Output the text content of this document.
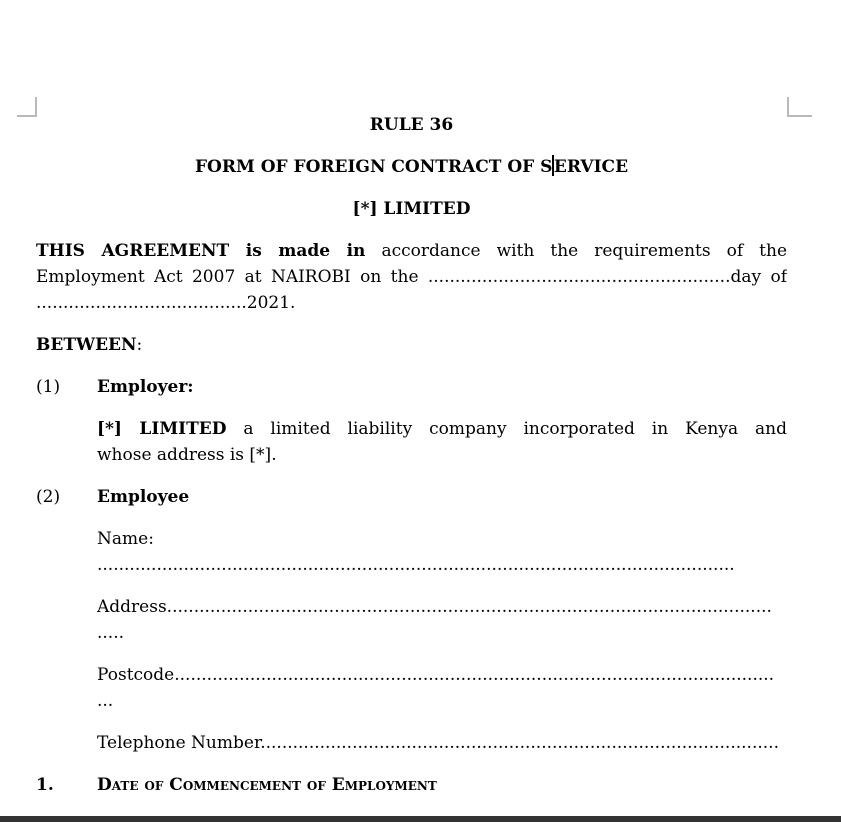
RULE 36

FORM OF FOREIGN CONTRACT OF SERVICE

[*] LIMITED

THIS AGREEMENT is made in accordance with the requirements of the
Employment Act 2007 at NAIROBI on the ........................................................day of
.......................................2021.

BETWEEN:

(1)	Employer:
[*] LIMITED a limited liability company incorporated in Kenya and
whose address is [*].
(2)	Employee
Name:
......................................................................................................................
Address................................................................................................................
.....
Postcode...............................................................................................................
...
Telephone Number................................................................................................
1.	Date of Commencement of Employment
